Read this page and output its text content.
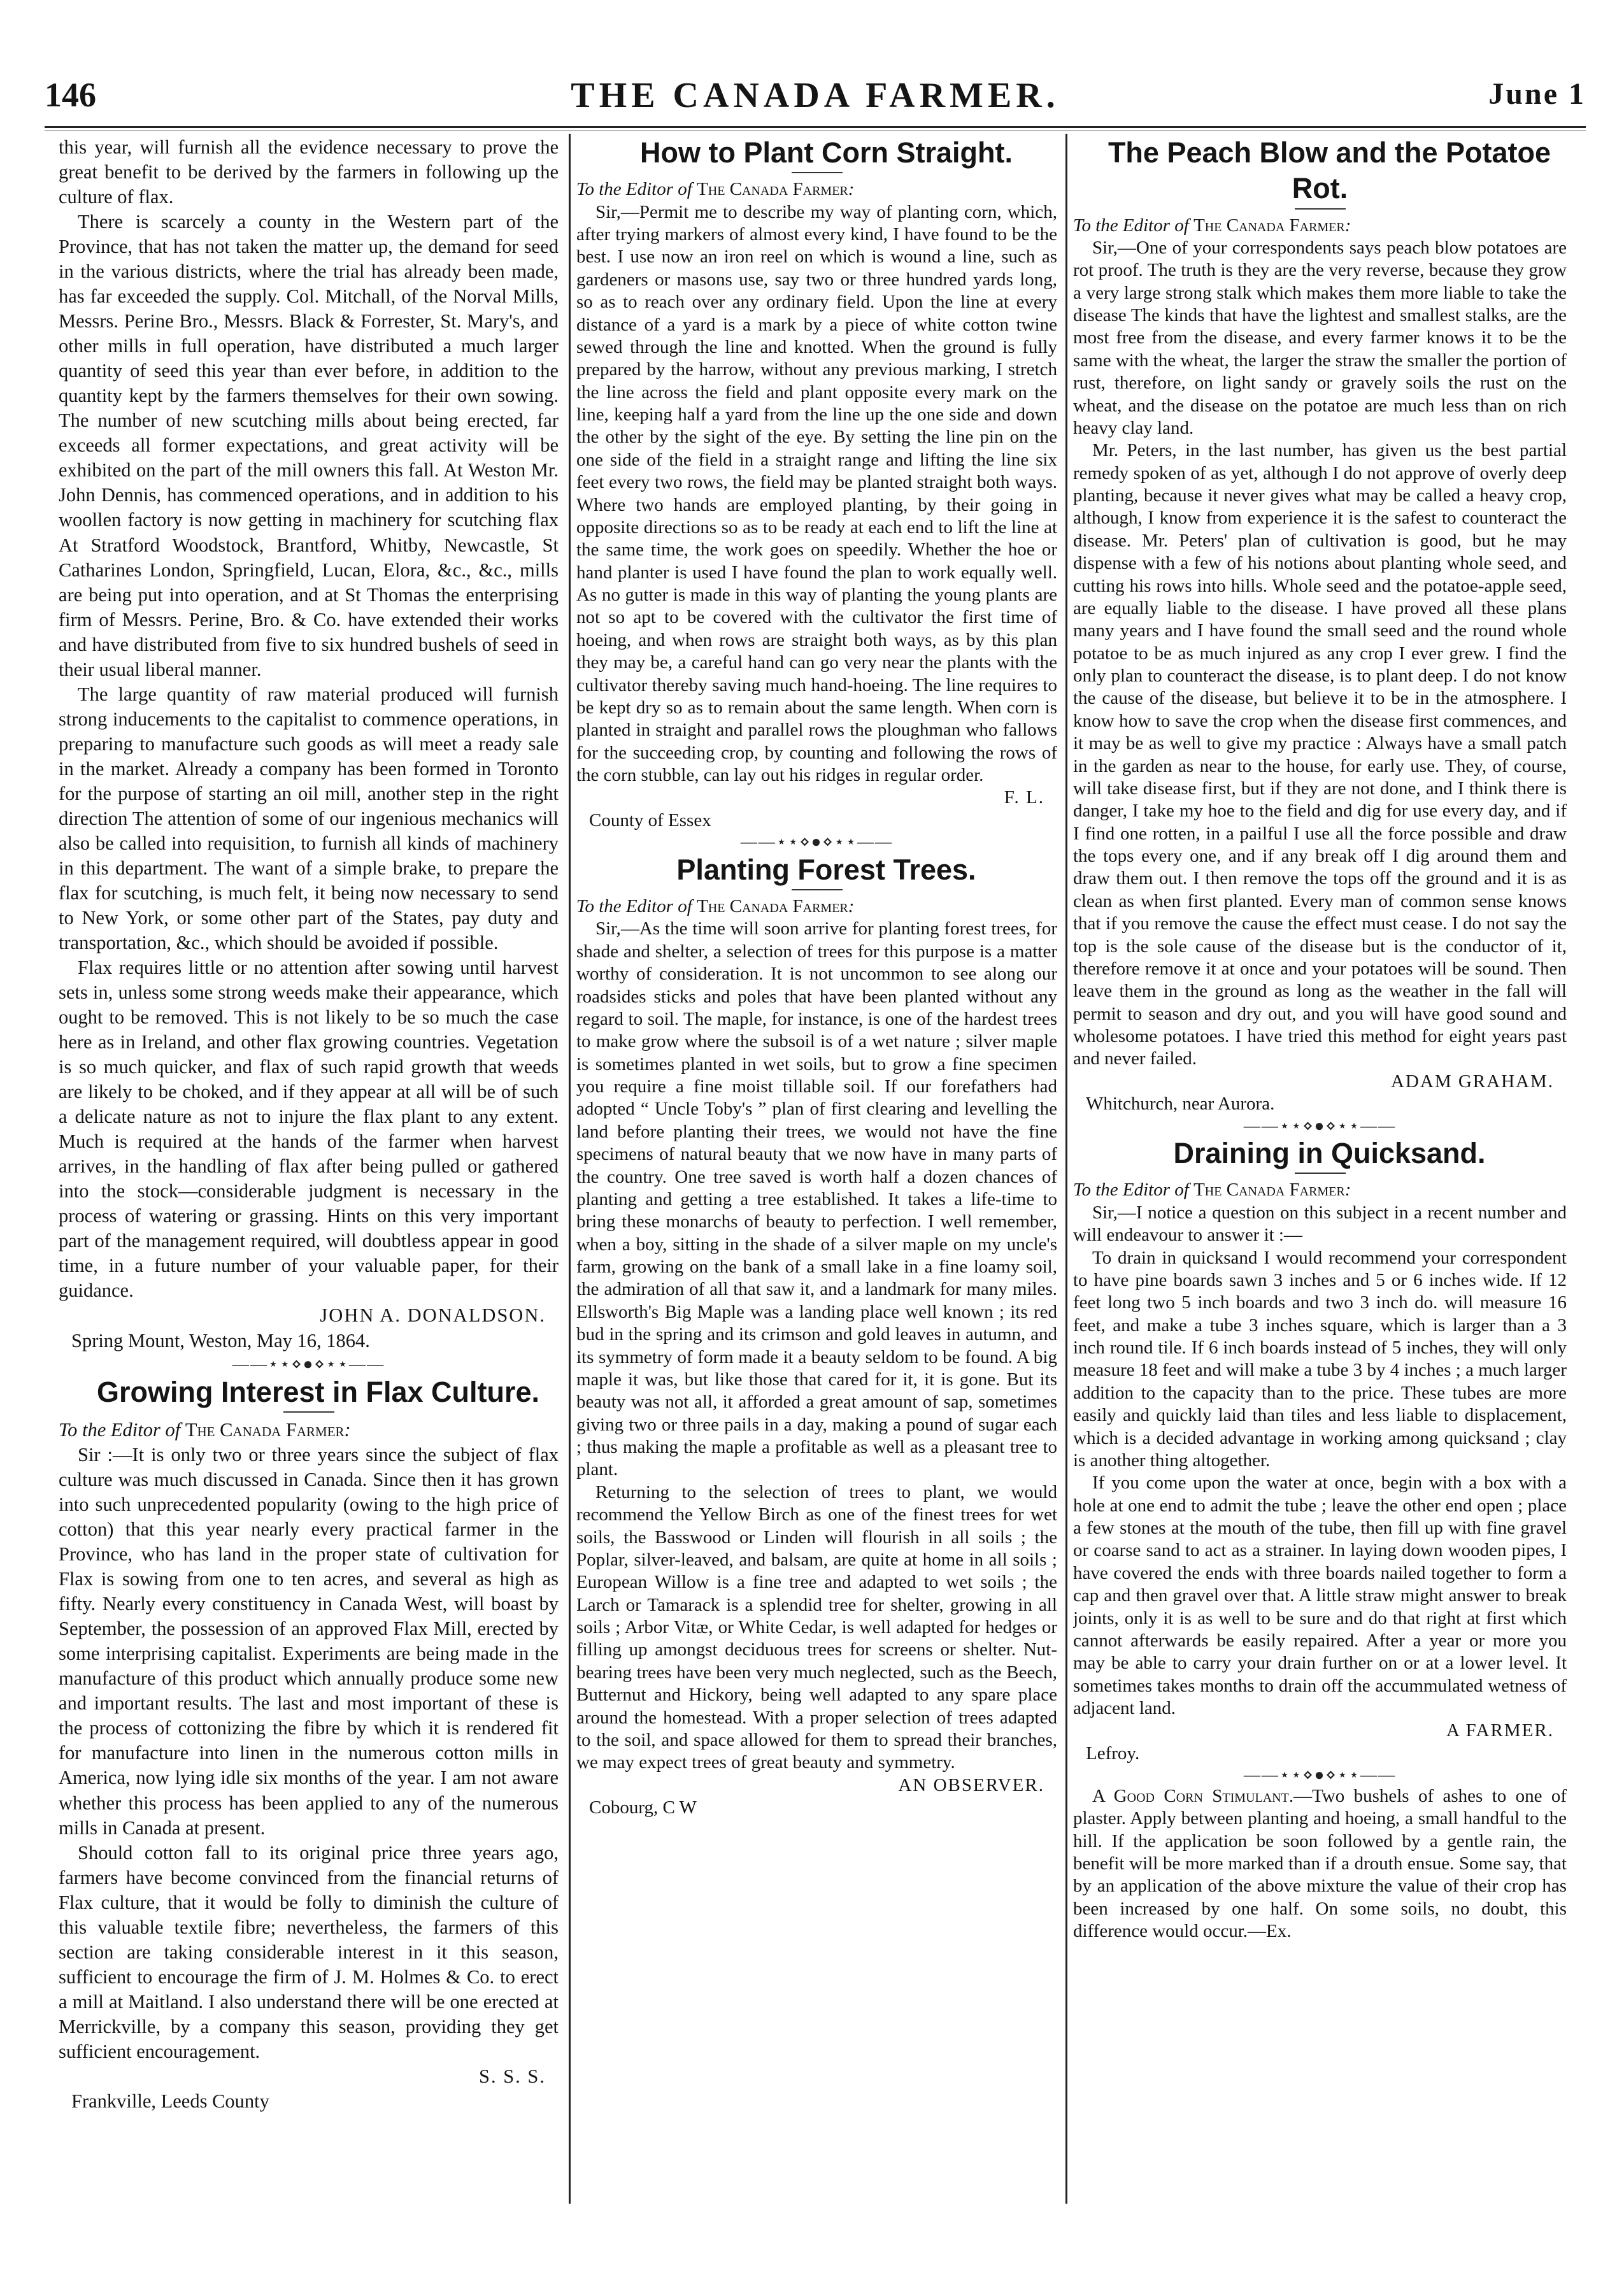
146	THE CANADA FARMER.	June 1

this year, will furnish all the evidence necessary to prove the great benefit to be derived by the farmers in following up the culture of flax.

There is scarcely a county in the Western part of the Province, that has not taken the matter up, the demand for seed in the various districts, where the trial has already been made, has far exceeded the supply. Col. Mitchall, of the Norval Mills, Messrs. Perine Bro., Messrs. Black & Forrester, St. Mary's, and other mills in full operation, have distributed a much larger quantity of seed this year than ever before, in addition to the quantity kept by the farmers themselves for their own sowing. The number of new scutching mills about being erected, far exceeds all former expectations, and great activity will be exhibited on the part of the mill owners this fall. At Weston Mr. John Dennis, has commenced operations, and in addition to his woollen factory is now getting in machinery for scutching flax At Stratford Woodstock, Brantford, Whitby, Newcastle, St Catharines London, Springfield, Lucan, Elora, &c., &c., mills are being put into operation, and at St Thomas the enterprising firm of Messrs. Perine, Bro. & Co. have extended their works and have distributed from five to six hundred bushels of seed in their usual liberal manner.

The large quantity of raw material produced will furnish strong inducements to the capitalist to commence operations, in preparing to manufacture such goods as will meet a ready sale in the market. Already a company has been formed in Toronto for the purpose of starting an oil mill, another step in the right direction The attention of some of our ingenious mechanics will also be called into requisition, to furnish all kinds of machinery in this department. The want of a simple brake, to prepare the flax for scutching, is much felt, it being now necessary to send to New York, or some other part of the States, pay duty and transportation, &c., which should be avoided if possible.

Flax requires little or no attention after sowing until harvest sets in, unless some strong weeds make their appearance, which ought to be removed. This is not likely to be so much the case here as in Ireland, and other flax growing countries. Vegetation is so much quicker, and flax of such rapid growth that weeds are likely to be choked, and if they appear at all will be of such a delicate nature as not to injure the flax plant to any extent. Much is required at the hands of the farmer when harvest arrives, in the handling of flax after being pulled or gathered into the stock—considerable judgment is necessary in the process of watering or grassing. Hints on this very important part of the management required, will doubtless appear in good time, in a future number of your valuable paper, for their guidance.

JOHN A. DONALDSON.

Spring Mount, Weston, May 16, 1864.

——⋆⋆⋄●⋄⋆⋆——

Growing Interest in Flax Culture.

To the Editor of The Canada Farmer:

Sir :—It is only two or three years since the subject of flax culture was much discussed in Canada. Since then it has grown into such unprecedented popularity (owing to the high price of cotton) that this year nearly every practical farmer in the Province, who has land in the proper state of cultivation for Flax is sowing from one to ten acres, and several as high as fifty. Nearly every constituency in Canada West, will boast by September, the possession of an approved Flax Mill, erected by some interprising capitalist. Experiments are being made in the manufacture of this product which annually produce some new and important results. The last and most important of these is the process of cottonizing the fibre by which it is rendered fit for manufacture into linen in the numerous cotton mills in America, now lying idle six months of the year. I am not aware whether this process has been applied to any of the numerous mills in Canada at present.

Should cotton fall to its original price three years ago, farmers have become convinced from the financial returns of Flax culture, that it would be folly to diminish the culture of this valuable textile fibre; nevertheless, the farmers of this section are taking considerable interest in it this season, sufficient to encourage the firm of J. M. Holmes & Co. to erect a mill at Maitland. I also understand there will be one erected at Merrickville, by a company this season, providing they get sufficient encouragement.

S. S. S.

Frankville, Leeds County

How to Plant Corn Straight.

To the Editor of The Canada Farmer:

Sir,—Permit me to describe my way of planting corn, which, after trying markers of almost every kind, I have found to be the best. I use now an iron reel on which is wound a line, such as gardeners or masons use, say two or three hundred yards long, so as to reach over any ordinary field. Upon the line at every distance of a yard is a mark by a piece of white cotton twine sewed through the line and knotted. When the ground is fully prepared by the harrow, without any previous marking, I stretch the line across the field and plant opposite every mark on the line, keeping half a yard from the line up the one side and down the other by the sight of the eye. By setting the line pin on the one side of the field in a straight range and lifting the line six feet every two rows, the field may be planted straight both ways. Where two hands are employed planting, by their going in opposite directions so as to be ready at each end to lift the line at the same time, the work goes on speedily. Whether the hoe or hand planter is used I have found the plan to work equally well. As no gutter is made in this way of planting the young plants are not so apt to be covered with the cultivator the first time of hoeing, and when rows are straight both ways, as by this plan they may be, a careful hand can go very near the plants with the cultivator thereby saving much hand-hoeing. The line requires to be kept dry so as to remain about the same length. When corn is planted in straight and parallel rows the ploughman who fallows for the succeeding crop, by counting and following the rows of the corn stubble, can lay out his ridges in regular order.

F. L.

County of Essex

——⋆⋆⋄●⋄⋆⋆——

Planting Forest Trees.

To the Editor of The Canada Farmer:

Sir,—As the time will soon arrive for planting forest trees, for shade and shelter, a selection of trees for this purpose is a matter worthy of consideration. It is not uncommon to see along our roadsides sticks and poles that have been planted without any regard to soil. The maple, for instance, is one of the hardest trees to make grow where the subsoil is of a wet nature ; silver maple is sometimes planted in wet soils, but to grow a fine specimen you require a fine moist tillable soil. If our forefathers had adopted “ Uncle Toby's ” plan of first clearing and levelling the land before planting their trees, we would not have the fine specimens of natural beauty that we now have in many parts of the country. One tree saved is worth half a dozen chances of planting and getting a tree established. It takes a life-time to bring these monarchs of beauty to perfection. I well remember, when a boy, sitting in the shade of a silver maple on my uncle's farm, growing on the bank of a small lake in a fine loamy soil, the admiration of all that saw it, and a landmark for many miles. Ellsworth's Big Maple was a landing place well known ; its red bud in the spring and its crimson and gold leaves in autumn, and its symmetry of form made it a beauty seldom to be found. A big maple it was, but like those that cared for it, it is gone. But its beauty was not all, it afforded a great amount of sap, sometimes giving two or three pails in a day, making a pound of sugar each ; thus making the maple a profitable as well as a pleasant tree to plant.

Returning to the selection of trees to plant, we would recommend the Yellow Birch as one of the finest trees for wet soils, the Basswood or Linden will flourish in all soils ; the Poplar, silver-leaved, and balsam, are quite at home in all soils ; European Willow is a fine tree and adapted to wet soils ; the Larch or Tamarack is a splendid tree for shelter, growing in all soils ; Arbor Vitæ, or White Cedar, is well adapted for hedges or filling up amongst deciduous trees for screens or shelter. Nut-bearing trees have been very much neglected, such as the Beech, Butternut and Hickory, being well adapted to any spare place around the homestead. With a proper selection of trees adapted to the soil, and space allowed for them to spread their branches, we may expect trees of great beauty and symmetry.

AN OBSERVER.

Cobourg, C W

The Peach Blow and the Potatoe Rot.

To the Editor of The Canada Farmer:

Sir,—One of your correspondents says peach blow potatoes are rot proof. The truth is they are the very reverse, because they grow a very large strong stalk which makes them more liable to take the disease The kinds that have the lightest and smallest stalks, are the most free from the disease, and every farmer knows it to be the same with the wheat, the larger the straw the smaller the portion of rust, therefore, on light sandy or gravely soils the rust on the wheat, and the disease on the potatoe are much less than on rich heavy clay land.

Mr. Peters, in the last number, has given us the best partial remedy spoken of as yet, although I do not approve of overly deep planting, because it never gives what may be called a heavy crop, although, I know from experience it is the safest to counteract the disease. Mr. Peters' plan of cultivation is good, but he may dispense with a few of his notions about planting whole seed, and cutting his rows into hills. Whole seed and the potatoe-apple seed, are equally liable to the disease. I have proved all these plans many years and I have found the small seed and the round whole potatoe to be as much injured as any crop I ever grew. I find the only plan to counteract the disease, is to plant deep. I do not know the cause of the disease, but believe it to be in the atmosphere. I know how to save the crop when the disease first commences, and it may be as well to give my practice : Always have a small patch in the garden as near to the house, for early use. They, of course, will take disease first, but if they are not done, and I think there is danger, I take my hoe to the field and dig for use every day, and if I find one rotten, in a pailful I use all the force possible and draw the tops every one, and if any break off I dig around them and draw them out. I then remove the tops off the ground and it is as clean as when first planted. Every man of common sense knows that if you remove the cause the effect must cease. I do not say the top is the sole cause of the disease but is the conductor of it, therefore remove it at once and your potatoes will be sound. Then leave them in the ground as long as the weather in the fall will permit to season and dry out, and you will have good sound and wholesome potatoes. I have tried this method for eight years past and never failed.

ADAM GRAHAM.

Whitchurch, near Aurora.

——⋆⋆⋄●⋄⋆⋆——

Draining in Quicksand.

To the Editor of The Canada Farmer:

Sir,—I notice a question on this subject in a recent number and will endeavour to answer it :—

To drain in quicksand I would recommend your correspondent to have pine boards sawn 3 inches and 5 or 6 inches wide. If 12 feet long two 5 inch boards and two 3 inch do. will measure 16 feet, and make a tube 3 inches square, which is larger than a 3 inch round tile. If 6 inch boards instead of 5 inches, they will only measure 18 feet and will make a tube 3 by 4 inches ; a much larger addition to the capacity than to the price. These tubes are more easily and quickly laid than tiles and less liable to displacement, which is a decided advantage in working among quicksand ; clay is another thing altogether.

If you come upon the water at once, begin with a box with a hole at one end to admit the tube ; leave the other end open ; place a few stones at the mouth of the tube, then fill up with fine gravel or coarse sand to act as a strainer. In laying down wooden pipes, I have covered the ends with three boards nailed together to form a cap and then gravel over that. A little straw might answer to break joints, only it is as well to be sure and do that right at first which cannot afterwards be easily repaired. After a year or more you may be able to carry your drain further on or at a lower level. It sometimes takes months to drain off the accummulated wetness of adjacent land.

A FARMER.

Lefroy.

——⋆⋆⋄●⋄⋆⋆——

A Good Corn Stimulant.—Two bushels of ashes to one of plaster. Apply between planting and hoeing, a small handful to the hill. If the application be soon followed by a gentle rain, the benefit will be more marked than if a drouth ensue. Some say, that by an application of the above mixture the value of their crop has been increased by one half. On some soils, no doubt, this difference would occur.—Ex.
